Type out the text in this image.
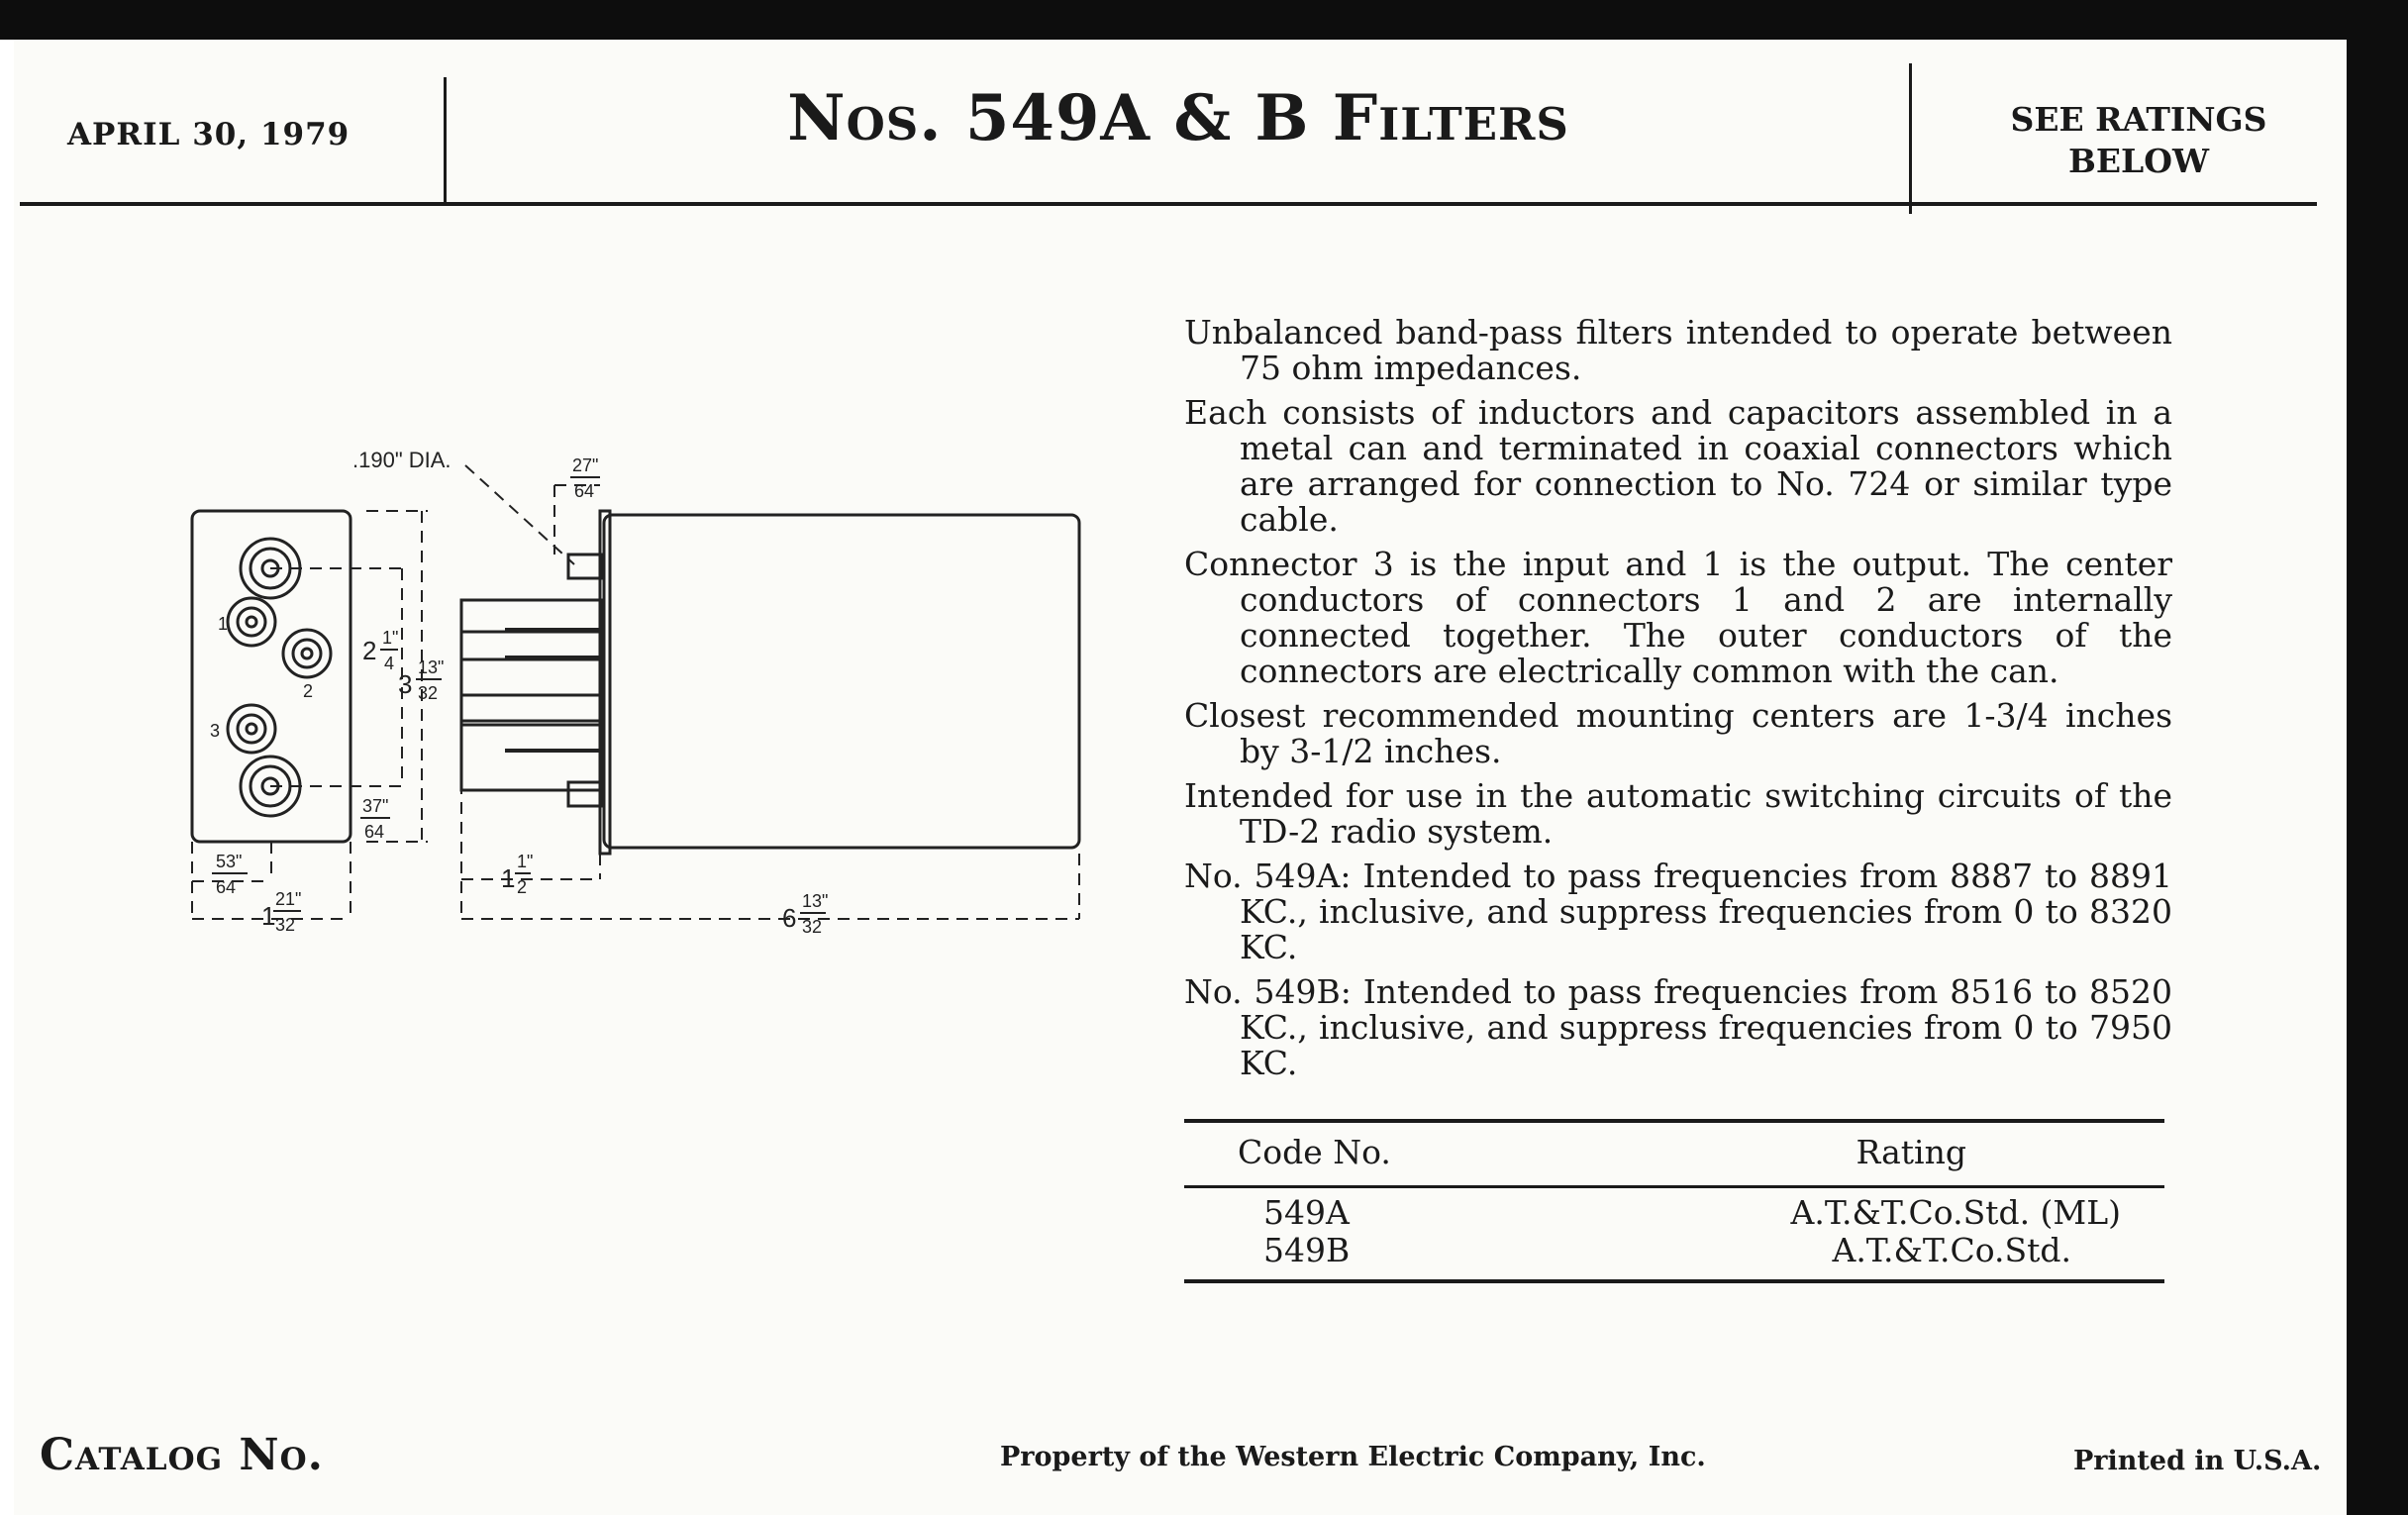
APRIL 30, 1979	Nos. 549A & B Filters	SEE RATINGS
BELOW
.190" DIA.	27"
64
2 1"
4
3
13"
32
37"
64
53"
64
1
21"
32
1
1"
2
6
13"
32
1
2
3

Unbalanced band-pass filters intended to operate between 75 ohm impedances.

Each consists of inductors and capacitors assembled in a metal can and terminated in coaxial connectors which are arranged for connection to No. 724 or similar type cable.

Connector 3 is the input and 1 is the output. The center conductors of connectors 1 and 2 are internally connected together. The outer conductors of the connectors are electrically common with the can.

Closest recommended mounting centers are 1-3/4 inches by 3-1/2 inches.

Intended for use in the automatic switching circuits of the TD-2 radio system.

No. 549A: Intended to pass frequencies from 8887 to 8891 KC., inclusive, and suppress frequencies from 0 to 8320 KC.

No. 549B: Intended to pass frequencies from 8516 to 8520 KC., inclusive, and suppress frequencies from 0 to 7950 KC.

Code No.	Rating
549A	A.T.&T.Co.Std. (ML)
549B	A.T.&T.Co.Std.
Catalog No.	Property of the Western Electric Company, Inc.	Printed in U.S.A.
